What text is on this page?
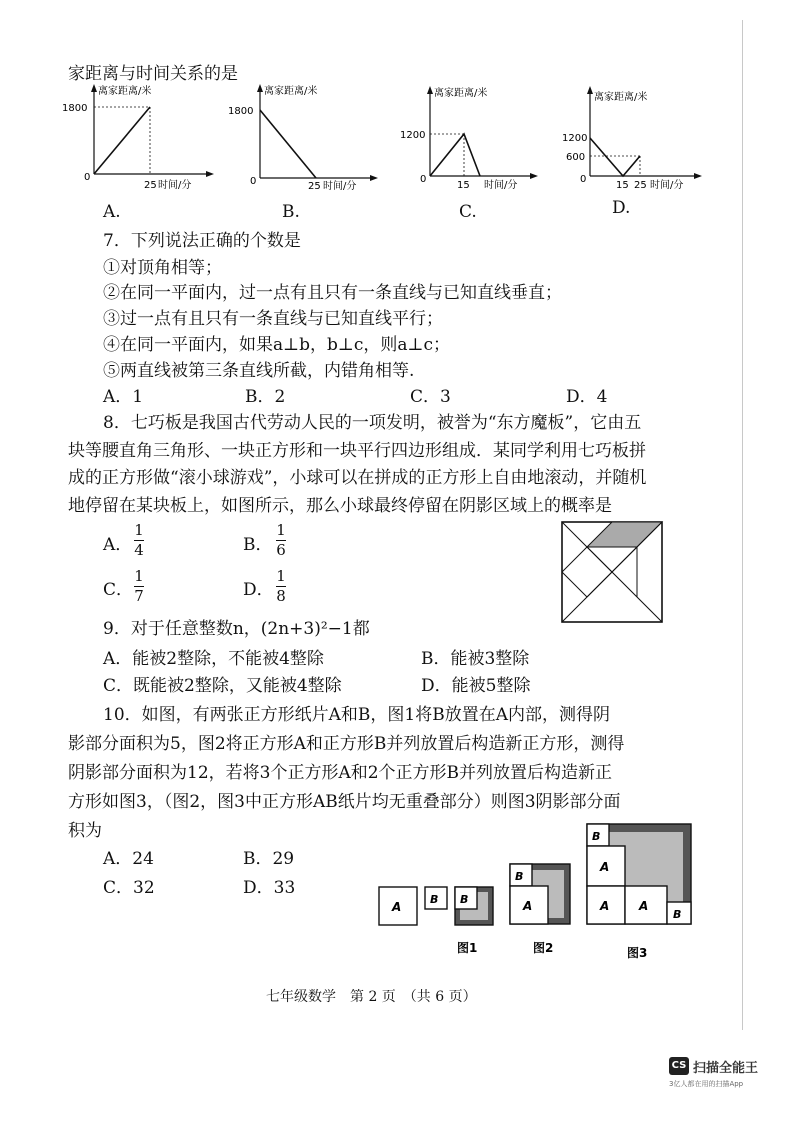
家距离与时间关系的是
离家距离/米
1800
0
25 时间/分
A.
离家距离/米
1800
0	25 时间/分
B.
离家距离/米
1200
0
15 时间/分
C.
离家距离/米
1200
600
0
15 25 时间/分
D.
7．下列说法正确的个数是
①对顶角相等；
②在同一平面内，过一点有且只有一条直线与已知直线垂直；
③过一点有且只有一条直线与已知直线平行；
④在同一平面内，如果a⊥b，b⊥c，则a⊥c；
⑤两直线被第三条直线所截，内错角相等.
A．1	B．2	C．3	D．4
8．七巧板是我国古代劳动人民的一项发明，被誉为“东方魔板”，它由五
块等腰直角三角形、一块正方形和一块平行四边形组成．某同学利用七巧板拼
成的正方形做“滚小球游戏”，小球可以在拼成的正方形上自由地滚动，并随机
地停留在某块板上，如图所示，那么小球最终停留在阴影区域上的概率是
A．
1
4	B．
1
6
C．
1
7	D．
1
8
9．对于任意整数n，(2n+3)²−1都
A．能被2整除，不能被4整除	B．能被3整除
C．既能被2整除，又能被4整除	D．能被5整除
10．如图，有两张正方形纸片A和B，图1将B放置在A内部，测得阴
影部分面积为5，图2将正方形A和正方形B并列放置后构造新正方形，测得
阴影部分面积为12，若将3个正方形A和2个正方形B并列放置后构造新正
方形如图3，（图2，图3中正方形AB纸片均无重叠部分）则图3阴影部分面
积为
A．24	B．29
C．32	D．33
A
B B
图1
B
A
图2
B
A
A A
B
图3
七年级数学　第 2 页　（共 6 页）
CS 扫描全能王
3亿人都在用的扫描App
